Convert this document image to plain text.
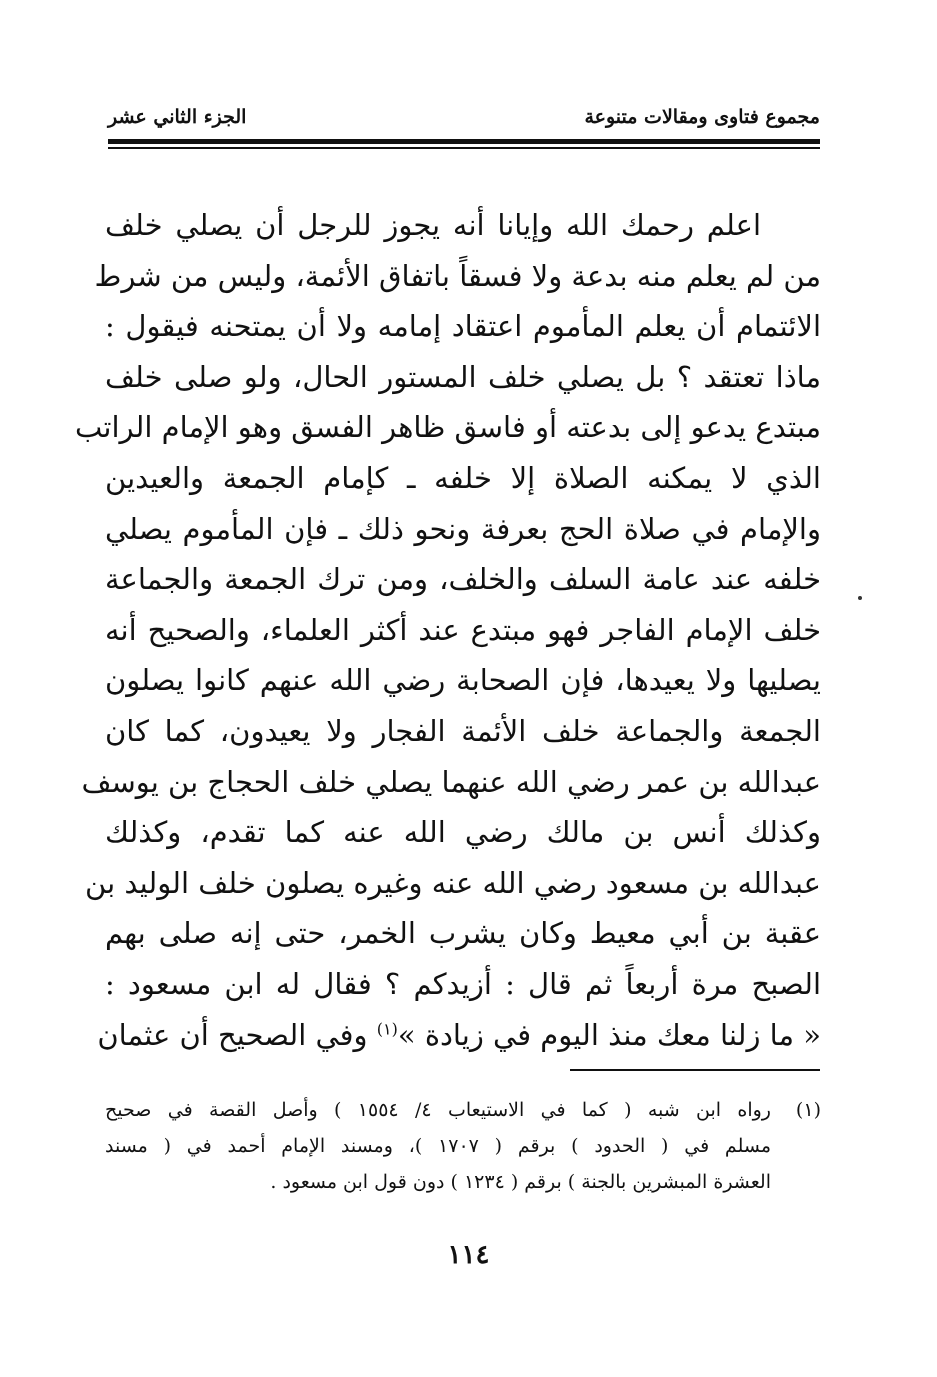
مجموع فتاوى ومقالات متنوعة
الجزء الثاني عشر
اعلم رحمك الله وإيانا أنه يجوز للرجل أن يصلي خلف
من لم يعلم منه بدعة ولا فسقاً باتفاق الأئمة، وليس من شرط
الائتمام أن يعلم المأموم اعتقاد إمامه ولا أن يمتحنه فيقول :
ماذا تعتقد ؟ بل يصلي خلف المستور الحال، ولو صلى خلف
مبتدع يدعو إلى بدعته أو فاسق ظاهر الفسق وهو الإمام الراتب
الذي لا يمكنه الصلاة إلا خلفه ـ كإمام الجمعة والعيدين
والإمام في صلاة الحج بعرفة ونحو ذلك ـ فإن المأموم يصلي
خلفه عند عامة السلف والخلف، ومن ترك الجمعة والجماعة
خلف الإمام الفاجر فهو مبتدع عند أكثر العلماء، والصحيح أنه
يصليها ولا يعيدها، فإن الصحابة رضي الله عنهم كانوا يصلون
الجمعة والجماعة خلف الأئمة الفجار ولا يعيدون، كما كان
عبدالله بن عمر رضي الله عنهما يصلي خلف الحجاج بن يوسف
وكذلك أنس بن مالك رضي الله عنه كما تقدم، وكذلك
عبدالله بن مسعود رضي الله عنه وغيره يصلون خلف الوليد بن
عقبة بن أبي معيط وكان يشرب الخمر، حتى إنه صلى بهم
الصبح مرة أربعاً ثم قال : أزيدكم ؟ فقال له ابن مسعود :
« ما زلنا معك منذ اليوم في زيادة »$^{(١)}$ وفي الصحيح أن عثمان
(١)رواه ابن شبه ( كما في الاستيعاب ٤/ ١٥٥٤ ) وأصل القصة في صحيح
مسلم في ( الحدود ) برقم ( ١٧٠٧ )، ومسند الإمام أحمد في ( مسند
العشرة المبشرين بالجنة ) برقم ( ١٢٣٤ ) دون قول ابن مسعود .
١١٤
